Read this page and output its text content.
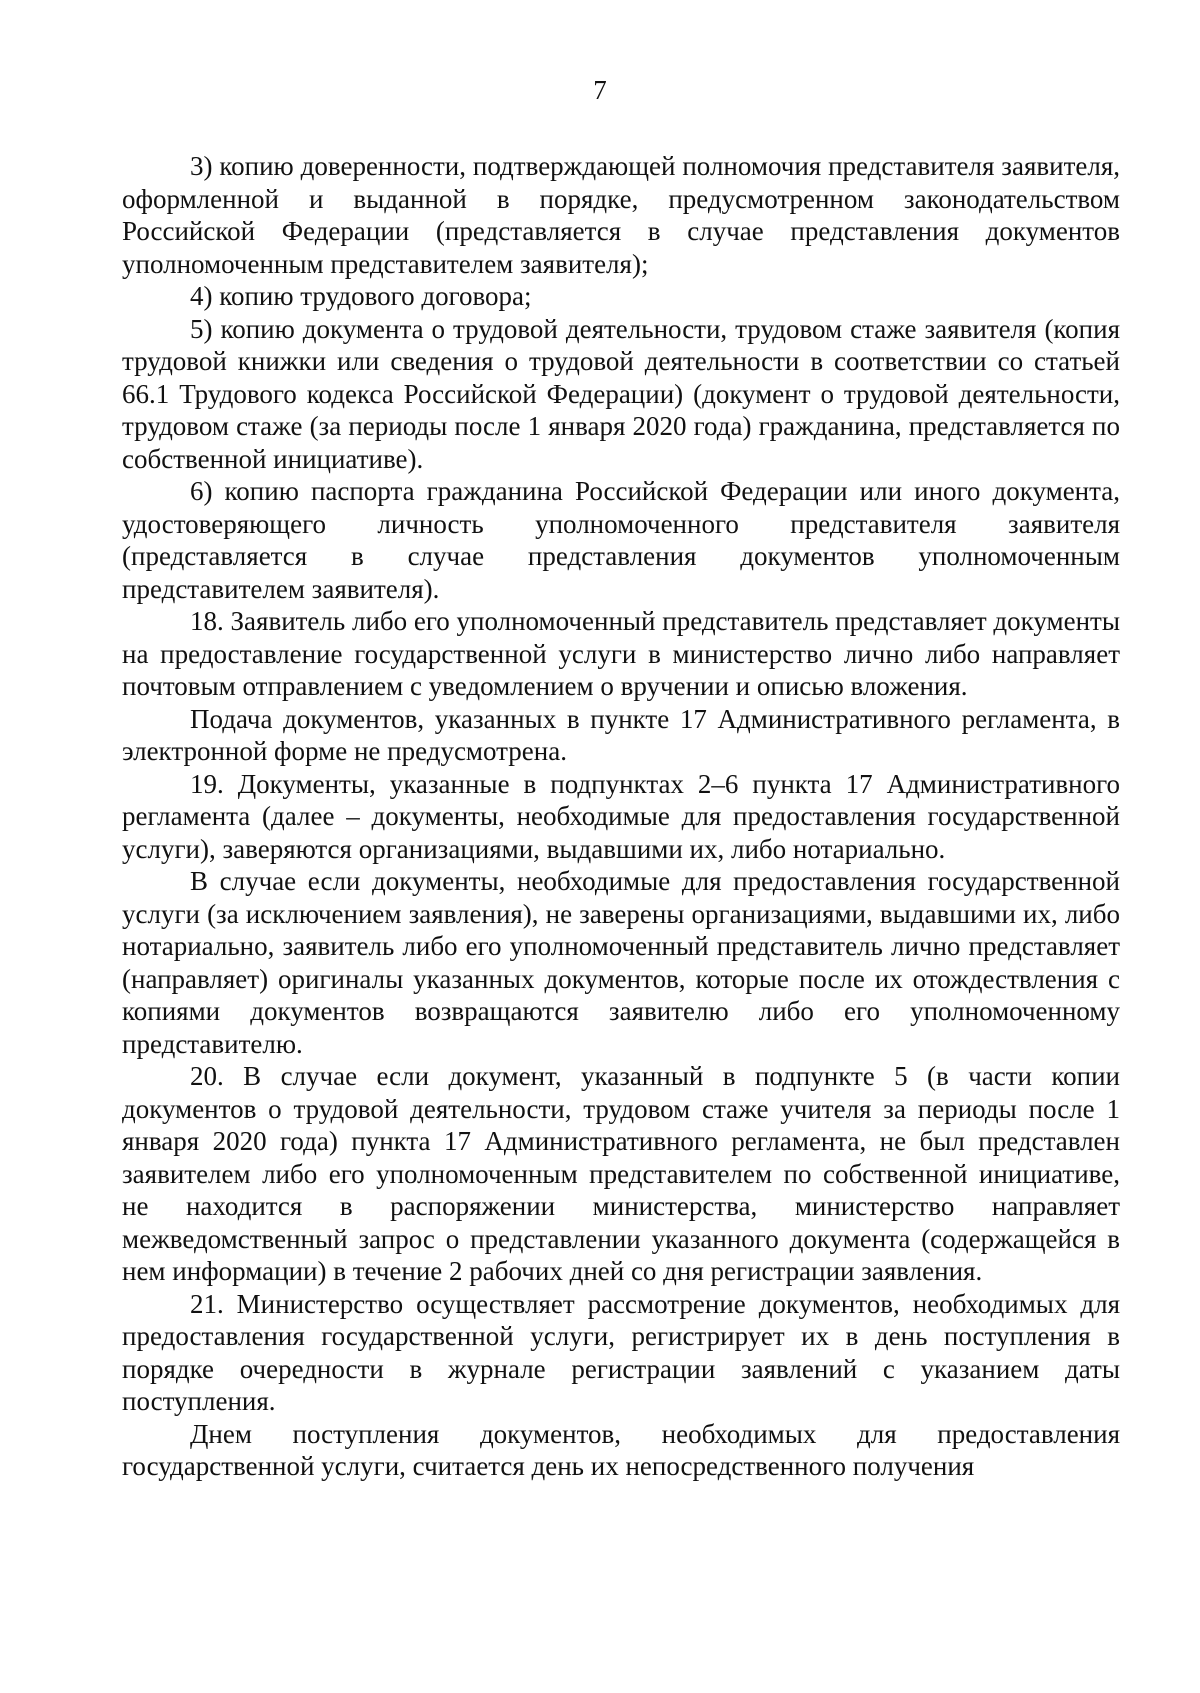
7

3) копию доверенности, подтверждающей полномочия представителя заявителя, оформленной и выданной в порядке, предусмотренном законодательством Российской Федерации (представляется в случае представления документов уполномоченным представителем заявителя);

4) копию трудового договора;

5) копию документа о трудовой деятельности, трудовом стаже заявителя (копия трудовой книжки или сведения о трудовой деятельности в соответствии со статьей 66.1 Трудового кодекса Российской Федерации) (документ о трудовой деятельности, трудовом стаже (за периоды после 1 января 2020 года) гражданина, представляется по собственной инициативе).

6) копию паспорта гражданина Российской Федерации или иного документа, удостоверяющего личность уполномоченного представителя заявителя (представляется в случае представления документов уполномоченным представителем заявителя).

18. Заявитель либо его уполномоченный представитель представляет документы на предоставление государственной услуги в министерство лично либо направляет почтовым отправлением с уведомлением о вручении и описью вложения.

Подача документов, указанных в пункте 17 Административного регламента, в электронной форме не предусмотрена.

19. Документы, указанные в подпунктах 2–6 пункта 17 Административного регламента (далее – документы, необходимые для предоставления государственной услуги), заверяются организациями, выдавшими их, либо нотариально.

В случае если документы, необходимые для предоставления государственной услуги (за исключением заявления), не заверены организациями, выдавшими их, либо нотариально, заявитель либо его уполномоченный представитель лично представляет (направляет) оригиналы указанных документов, которые после их отождествления с копиями документов возвращаются заявителю либо его уполномоченному представителю.

20. В случае если документ, указанный в подпункте 5 (в части копии документов о трудовой деятельности, трудовом стаже учителя за периоды после 1 января 2020 года) пункта 17 Административного регламента, не был представлен заявителем либо его уполномоченным представителем по собственной инициативе, не находится в распоряжении министерства, министерство направляет межведомственный запрос о представлении указанного документа (содержащейся в нем информации) в течение 2 рабочих дней со дня регистрации заявления.

21. Министерство осуществляет рассмотрение документов, необходимых для предоставления государственной услуги, регистрирует их в день поступления в порядке очередности в журнале регистрации заявлений с указанием даты поступления.

Днем поступления документов, необходимых для предоставления государственной услуги, считается день их непосредственного получения
